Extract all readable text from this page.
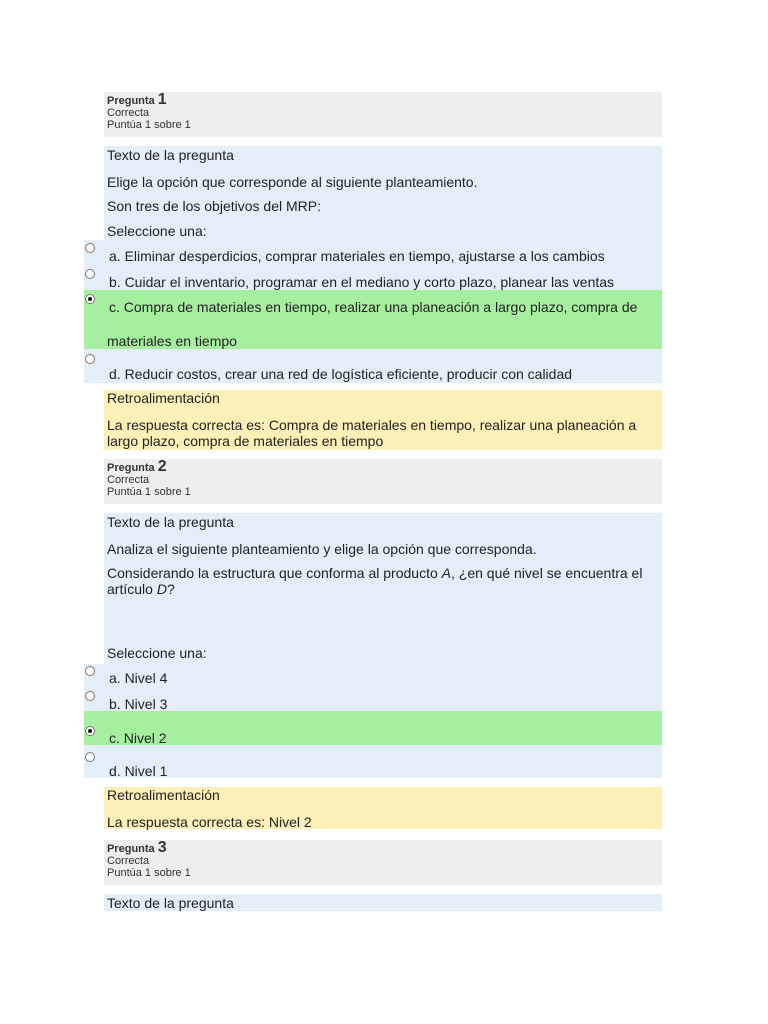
Pregunta 1
Correcta
Puntúa 1 sobre 1
Texto de la pregunta
Elige la opción que corresponde al siguiente planteamiento.
Son tres de los objetivos del MRP:
Seleccione una:
a. Eliminar desperdicios, comprar materiales en tiempo, ajustarse a los cambios
b. Cuidar el inventario, programar en el mediano y corto plazo, planear las ventas
c. Compra de materiales en tiempo, realizar una planeación a largo plazo, compra de
materiales en tiempo
d. Reducir costos, crear una red de logística eficiente, producir con calidad
Retroalimentación
La respuesta correcta es: Compra de materiales en tiempo, realizar una planeación a largo plazo, compra de materiales en tiempo
Pregunta 2
Correcta
Puntúa 1 sobre 1
Texto de la pregunta
Analiza el siguiente planteamiento y elige la opción que corresponda.
Considerando la estructura que conforma al producto A, ¿en qué nivel se encuentra el artículo D?
Seleccione una:
a. Nivel 4
b. Nivel 3
c. Nivel 2
d. Nivel 1
Retroalimentación
La respuesta correcta es: Nivel 2
Pregunta 3
Correcta
Puntúa 1 sobre 1
Texto de la pregunta
